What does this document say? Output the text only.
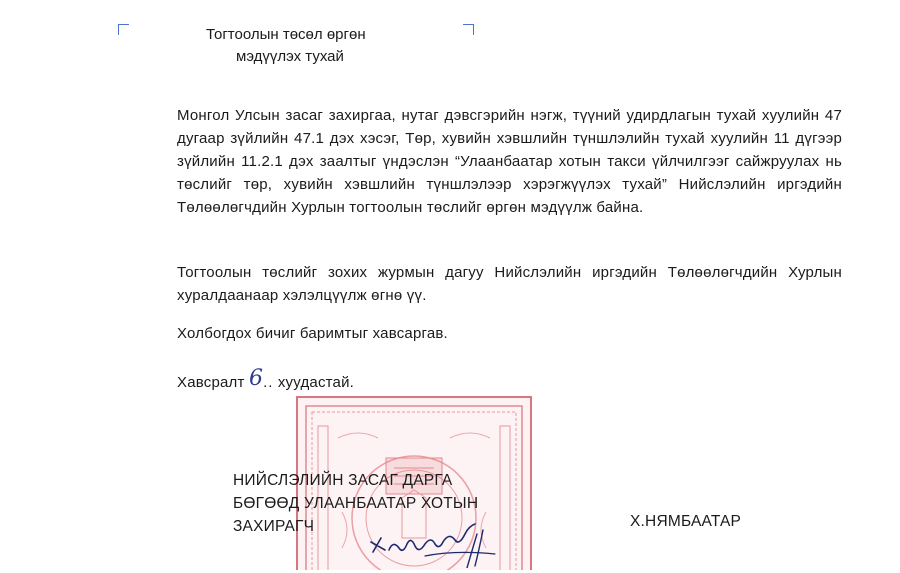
Тогтоолын төсөл өргөн
мэдүүлэх тухай

Монгол Улсын засаг захиргаа, нутаг дэвсгэрийн нэгж, түүний удирдлагын тухай хуулийн 47 дугаар зүйлийн 47.1 дэх хэсэг, Төр, хувийн хэвшлийн түншлэлийн тухай хуулийн 11 дүгээр зүйлийн 11.2.1 дэх заалтыг үндэслэн “Улаанбаатар хотын такси үйлчилгээг сайжруулах нь төслийг төр, хувийн хэвшлийн түншлэлээр хэрэгжүүлэх тухай” Нийслэлийн иргэдийн Төлөөлөгчдийн Хурлын тогтоолын төслийг өргөн мэдүүлж байна.

Тогтоолын төслийг зохих журмын дагуу Нийслэлийн иргэдийн Төлөөлөгчдийн Хурлын хуралдаанаар хэлэлцүүлж өгнө үү.

Холбогдох бичиг баримтыг хавсаргав.

Хавсралт 6.. хуудастай.

НИЙСЛЭЛИЙН ЗАСАГ ДАРГА
БӨГӨӨД УЛААНБААТАР ХОТЫН
ЗАХИРАГЧ	Х.НЯМБААТАР
